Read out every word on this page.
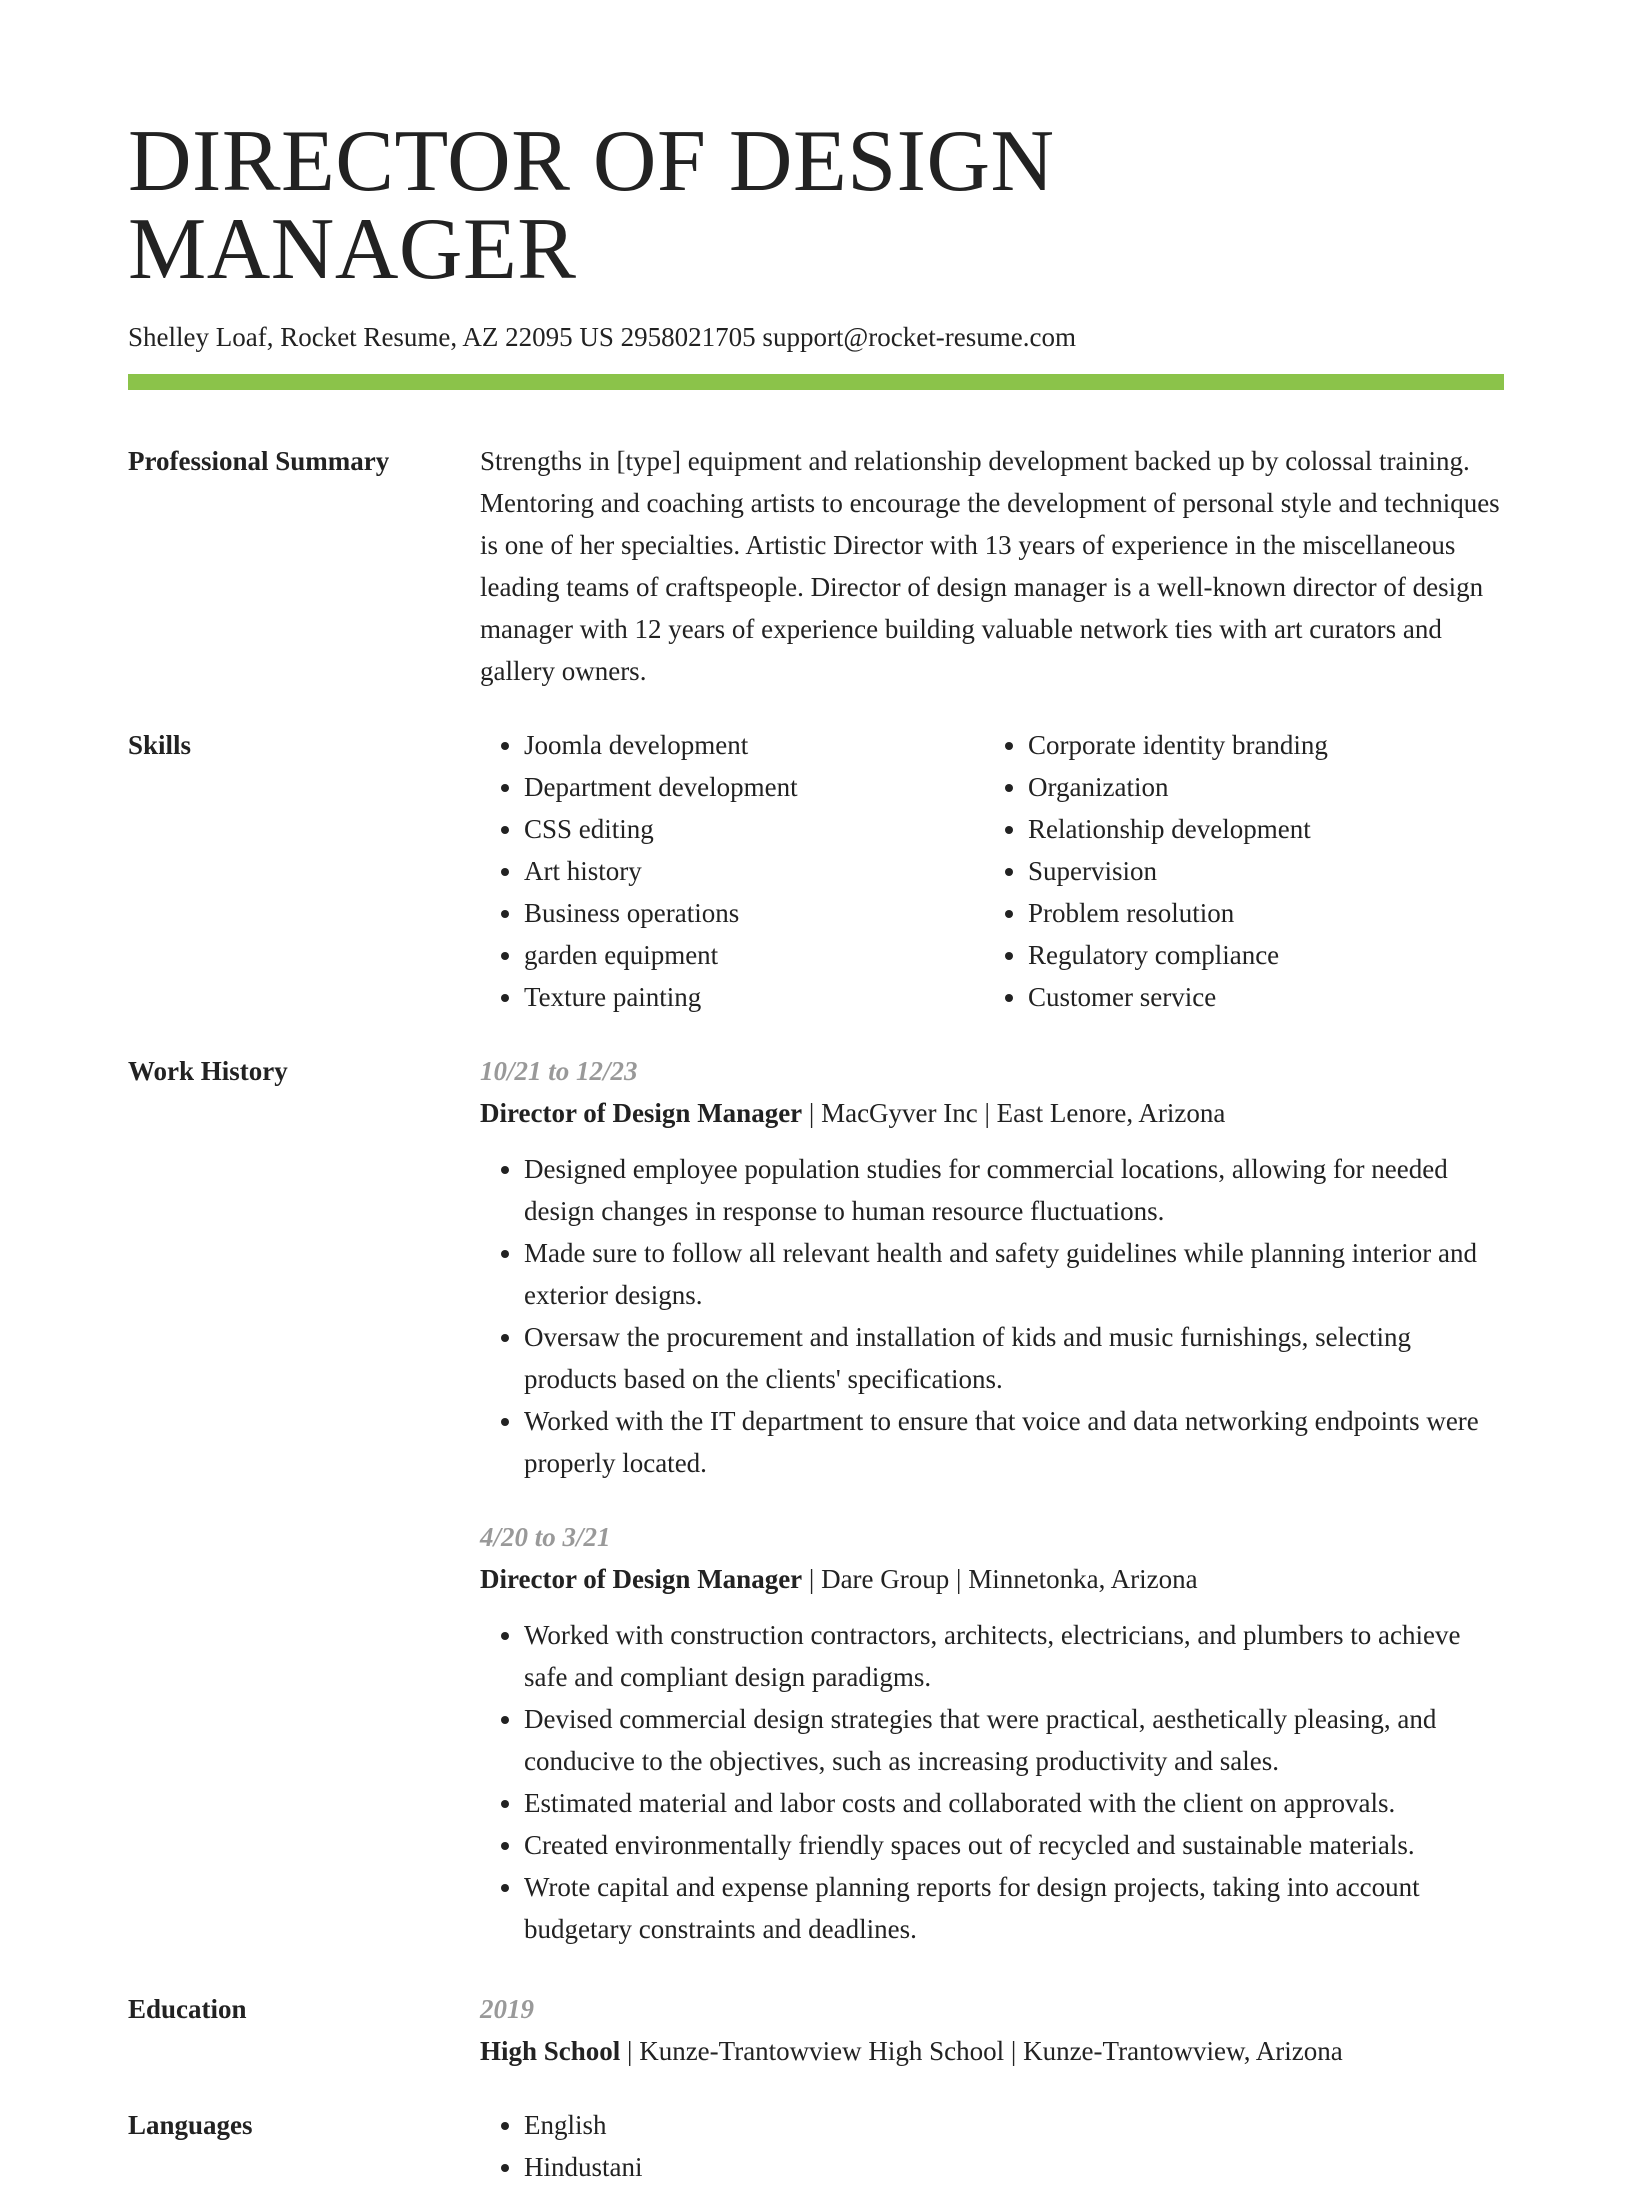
DIRECTOR OF DESIGN MANAGER
Shelley Loaf, Rocket Resume, AZ 22095 US 2958021705 support@rocket-resume.com
Professional Summary	Strengths in [type] equipment and relationship development backed up by colossal training. Mentoring and coaching artists to encourage the development of personal style and techniques is one of her specialties. Artistic Director with 13 years of experience in the miscellaneous leading teams of craftspeople. Director of design manager is a well-known director of design manager with 12 years of experience building valuable network ties with art curators and gallery owners.
Skills	• Joomla development
• Department development
• CSS editing
• Art history
• Business operations
• garden equipment
• Texture painting
• Corporate identity branding
• Organization
• Relationship development
• Supervision
• Problem resolution
• Regulatory compliance
• Customer service
Work History	10/21 to 12/23
Director of Design Manager | MacGyver Inc | East Lenore, Arizona
• Designed employee population studies for commercial locations, allowing for needed design changes in response to human resource fluctuations.
• Made sure to follow all relevant health and safety guidelines while planning interior and exterior designs.
• Oversaw the procurement and installation of kids and music furnishings, selecting products based on the clients' specifications.
• Worked with the IT department to ensure that voice and data networking endpoints were properly located.
4/20 to 3/21
Director of Design Manager | Dare Group | Minnetonka, Arizona
• Worked with construction contractors, architects, electricians, and plumbers to achieve safe and compliant design paradigms.
• Devised commercial design strategies that were practical, aesthetically pleasing, and conducive to the objectives, such as increasing productivity and sales.
• Estimated material and labor costs and collaborated with the client on approvals.
• Created environmentally friendly spaces out of recycled and sustainable materials.
• Wrote capital and expense planning reports for design projects, taking into account budgetary constraints and deadlines.
Education	2019
High School | Kunze-Trantowview High School | Kunze-Trantowview, Arizona
Languages	• English
• Hindustani
